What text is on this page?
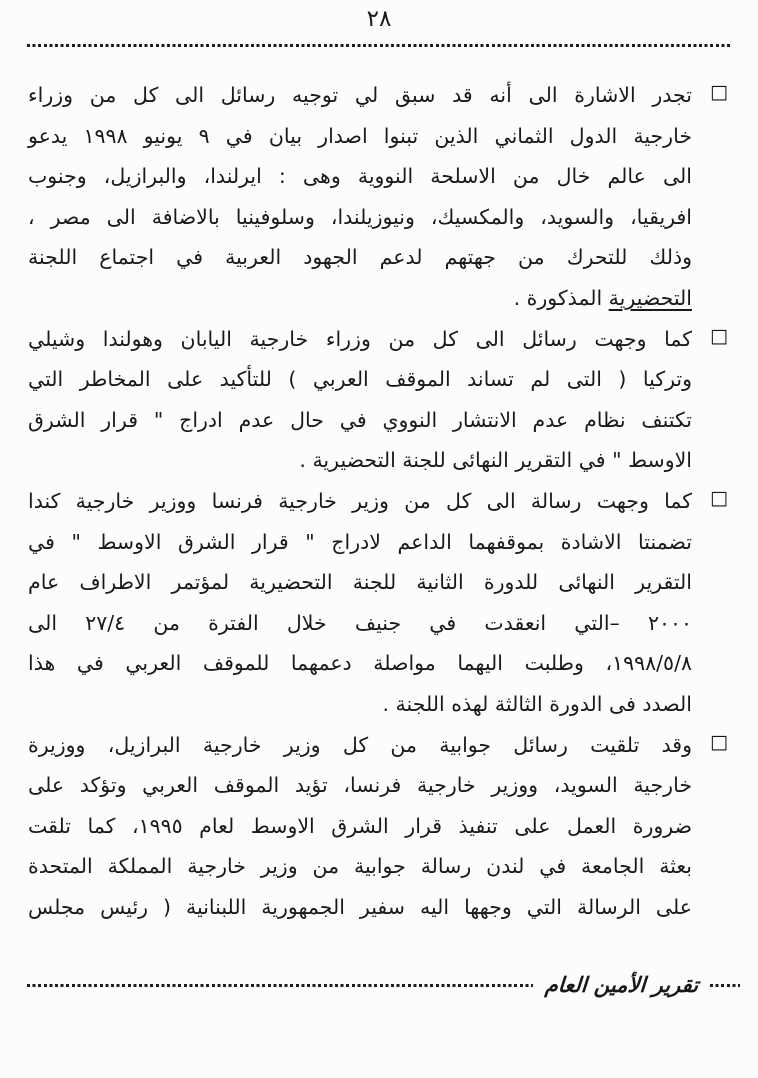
٢٨
□
تجدر الاشارة الى أنه قد سبق لي توجيه رسائل الى كل من وزراء
خارجية الدول الثماني الذين تبنوا اصدار بيان في ٩ يونيو ١٩٩٨ يدعو
الى عالم خال من الاسلحة النووية وهى : ايرلندا، والبرازيل، وجنوب
افريقيا، والسويد، والمكسيك، ونيوزيلندا، وسلوفينيا بالاضافة الى مصر ،
وذلك للتحرك من جهتهم لدعم الجهود العربية في اجتماع اللجنة
التحضيرية المذكورة .
□
كما وجهت رسائل الى كل من وزراء خارجية اليابان وهولندا وشيلي
وتركيا ( التى لم تساند الموقف العربي ) للتأكيد على المخاطر التي
تكتنف نظام عدم الانتشار النووي في حال عدم ادراج " قرار الشرق
الاوسط " في التقرير النهائى للجنة التحضيرية .
□
كما وجهت رسالة الى كل من وزير خارجية فرنسا ووزير خارجية كندا
تضمنتا الاشادة بموقفهما الداعم لادراج " قرار الشرق الاوسط " في
التقرير النهائى للدورة الثانية للجنة التحضيرية لمؤتمر الاطراف عام
٢٠٠٠ –التي انعقدت في جنيف خلال الفترة من ٢٧/٤ الى
١٩٩٨/٥/٨، وطلبت اليهما مواصلة دعمهما للموقف العربي في هذا
الصدد فى الدورة الثالثة لهذه اللجنة .
□
وقد تلقيت رسائل جوابية من كل وزير خارجية البرازيل، ووزيرة
خارجية السويد، ووزير خارجية فرنسا، تؤيد الموقف العربي وتؤكد على
ضرورة العمل على تنفيذ قرار الشرق الاوسط لعام ١٩٩٥، كما تلقت
بعثة الجامعة في لندن رسالة جوابية من وزير خارجية المملكة المتحدة
على الرسالة التي وجهها اليه سفير الجمهورية اللبنانية ( رئيس مجلس
تقرير الأمين العام
